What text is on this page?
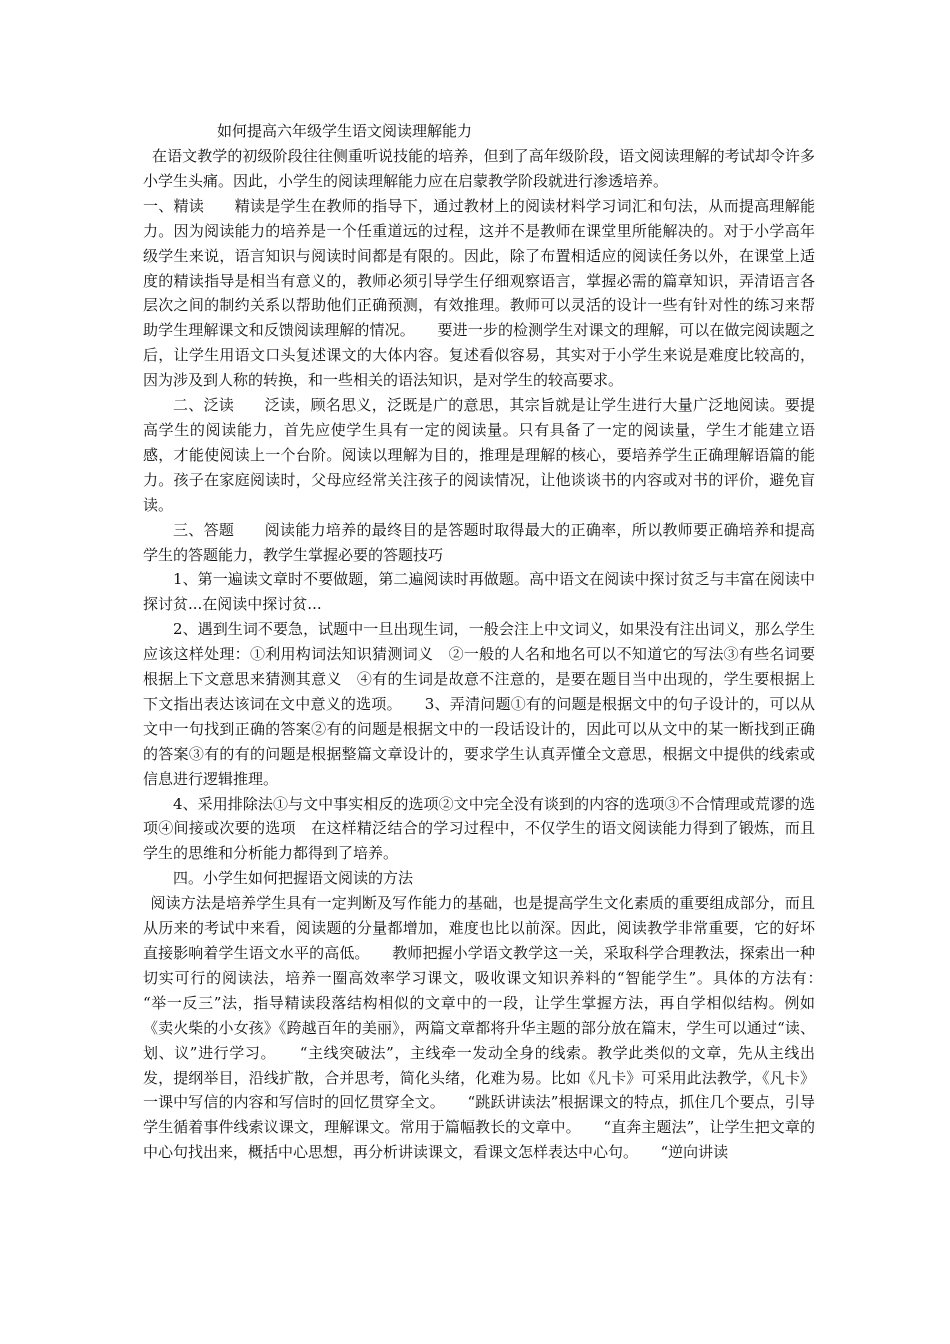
如何提高六年级学生语文阅读理解能力

在语文教学的初级阶段往往侧重听说技能的培养，但到了高年级阶段，语文阅读理解的考试却令许多小学生头痛。因此，小学生的阅读理解能力应在启蒙教学阶段就进行渗透培养。

一、精读　　精读是学生在教师的指导下，通过教材上的阅读材料学习词汇和句法，从而提高理解能力。因为阅读能力的培养是一个任重道远的过程，这并不是教师在课堂里所能解决的。对于小学高年级学生来说，语言知识与阅读时间都是有限的。因此，除了布置相适应的阅读任务以外，在课堂上适度的精读指导是相当有意义的，教师必须引导学生仔细观察语言，掌握必需的篇章知识，弄清语言各层次之间的制约关系以帮助他们正确预测，有效推理。教师可以灵活的设计一些有针对性的练习来帮助学生理解课文和反馈阅读理解的情况。　　要进一步的检测学生对课文的理解，可以在做完阅读题之后，让学生用语文口头复述课文的大体内容。复述看似容易，其实对于小学生来说是难度比较高的，因为涉及到人称的转换，和一些相关的语法知识，是对学生的较高要求。

二、泛读　　泛读，顾名思义，泛既是广的意思，其宗旨就是让学生进行大量广泛地阅读。要提高学生的阅读能力，首先应使学生具有一定的阅读量。只有具备了一定的阅读量，学生才能建立语感，才能使阅读上一个台阶。阅读以理解为目的，推理是理解的核心，要培养学生正确理解语篇的能力。孩子在家庭阅读时，父母应经常关注孩子的阅读情况，让他谈谈书的内容或对书的评价，避免盲读。

三、答题　　阅读能力培养的最终目的是答题时取得最大的正确率，所以教师要正确培养和提高学生的答题能力，教学生掌握必要的答题技巧

1、第一遍读文章时不要做题，第二遍阅读时再做题。高中语文在阅读中探讨贫乏与丰富在阅读中探讨贫...在阅读中探讨贫...

2、遇到生词不要急，试题中一旦出现生词，一般会注上中文词义，如果没有注出词义，那么学生应该这样处理：①利用构词法知识猜测词义　②一般的人名和地名可以不知道它的写法③有些名词要根据上下文意思来猜测其意义　④有的生词是故意不注意的，是要在题目当中出现的，学生要根据上下文指出表达该词在文中意义的选项。　　3、弄清问题①有的问题是根据文中的句子设计的，可以从文中一句找到正确的答案②有的问题是根据文中的一段话设计的，因此可以从文中的某一断找到正确的答案③有的有的问题是根据整篇文章设计的，要求学生认真弄懂全文意思，根据文中提供的线索或信息进行逻辑推理。

4、采用排除法①与文中事实相反的选项②文中完全没有谈到的内容的选项③不合情理或荒谬的选项④间接或次要的选项　在这样精泛结合的学习过程中，不仅学生的语文阅读能力得到了锻炼，而且学生的思维和分析能力都得到了培养。

四。小学生如何把握语文阅读的方法

阅读方法是培养学生具有一定判断及写作能力的基础，也是提高学生文化素质的重要组成部分，而且从历来的考试中来看，阅读题的分量都增加，难度也比以前深。因此，阅读教学非常重要，它的好坏直接影响着学生语文水平的高低。　　教师把握小学语文教学这一关，采取科学合理教法，探索出一种切实可行的阅读法，培养一圈高效率学习课文，吸收课文知识养料的“智能学生”。具体的方法有：　　“举一反三”法，指导精读段落结构相似的文章中的一段，让学生掌握方法，再自学相似结构。例如《卖火柴的小女孩》《跨越百年的美丽》，两篇文章都将升华主题的部分放在篇末，学生可以通过“读、划、议”进行学习。　　“主线突破法”，主线牵一发动全身的线索。教学此类似的文章，先从主线出发，提纲举目，沿线扩散，合并思考，简化头绪，化难为易。比如《凡卡》可采用此法教学，《凡卡》一课中写信的内容和写信时的回忆贯穿全文。　　“跳跃讲读法”根据课文的特点，抓住几个要点，引导学生循着事件线索议课文，理解课文。常用于篇幅教长的文章中。　　“直奔主题法”，让学生把文章的中心句找出来，概括中心思想，再分析讲读课文，看课文怎样表达中心句。　　“逆向讲读
